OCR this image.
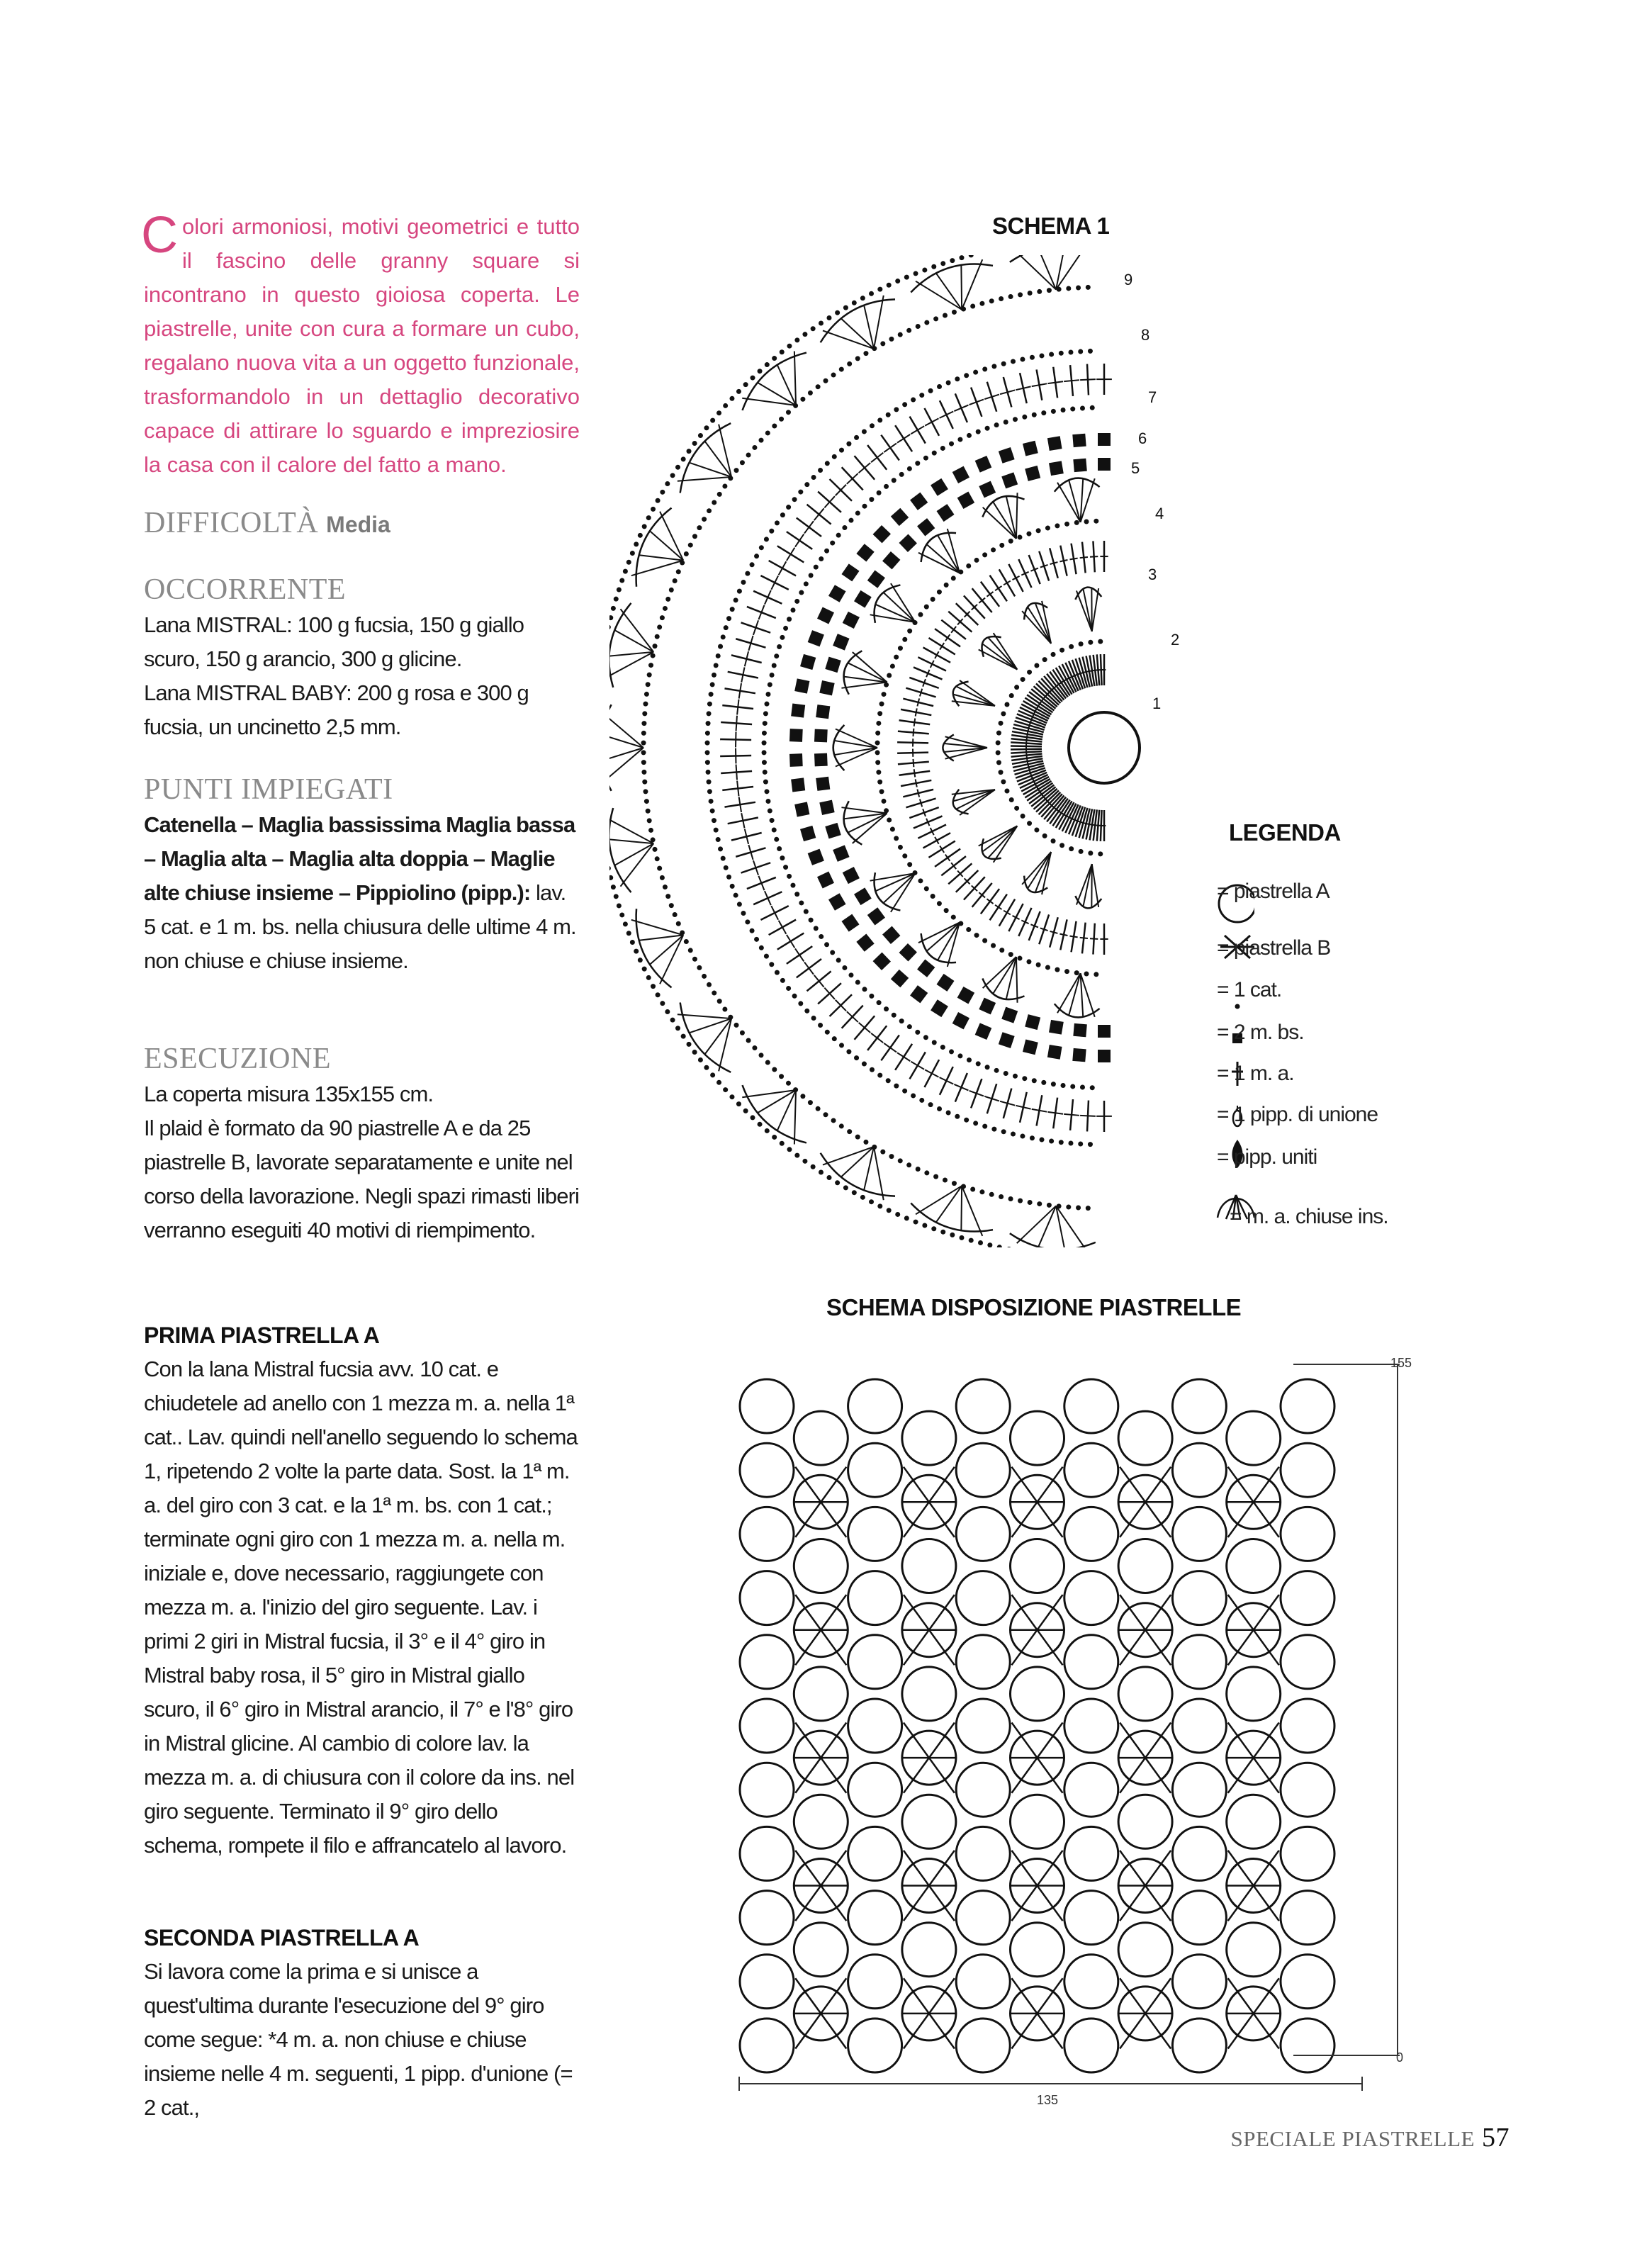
C olori armoniosi, motivi geometrici e tutto il fascino delle granny square si incontrano in questo gioiosa coperta. Le piastrelle, unite con cura a formare un cubo, regalano nuova vita a un oggetto funzionale, trasformandolo in un dettaglio decorativo capace di attirare lo sguardo e impreziosire la casa con il calore del fatto a mano.
DIFFICOLTÀ Media
OCCORRENTE

Lana MISTRAL: 100 g fucsia, 150 g giallo scuro, 150 g arancio, 300 g glicine.

Lana MISTRAL BABY: 200 g rosa e 300 g fucsia, un uncinetto 2,5 mm.

PUNTI IMPIEGATI

Catenella – Maglia bassissima Maglia bassa – Maglia alta – Maglia alta doppia – Maglie alte chiuse insieme – Pippiolino (pipp.): lav. 5 cat. e 1 m. bs. nella chiusura delle ultime 4 m. non chiuse e chiuse insieme.

ESECUZIONE

La coperta misura 135x155 cm.

Il plaid è formato da 90 piastrelle A e da 25 piastrelle B, lavorate separatamente e unite nel corso della lavorazione. Negli spazi rimasti liberi verranno eseguiti 40 motivi di riempimento.

PRIMA PIASTRELLA A

Con la lana Mistral fucsia avv. 10 cat. e chiudetele ad anello con 1 mezza m. a. nella 1ª cat.. Lav. quindi nell'anello seguendo lo schema 1, ripetendo 2 volte la parte data. Sost. la 1ª m. a. del giro con 3 cat. e la 1ª m. bs. con 1 cat.; terminate ogni giro con 1 mezza m. a. nella m. iniziale e, dove necessario, raggiungete con mezza m. a. l'inizio del giro seguente. Lav. i primi 2 giri in Mistral fucsia, il 3° e il 4° giro in Mistral baby rosa, il 5° giro in Mistral giallo scuro, il 6° giro in Mistral arancio, il 7° e l'8° giro in Mistral glicine. Al cambio di colore lav. la mezza m. a. di chiusura con il colore da ins. nel giro seguente. Terminato il 9° giro dello schema, rompete il filo e affrancatelo al lavoro.

SECONDA PIASTRELLA A

Si lavora come la prima e si unisce a quest'ultima durante l'esecuzione del 9° giro come segue: *4 m. a. non chiuse e chiuse insieme nelle 4 m. seguenti, 1 pipp. d'unione (= 2 cat.,

SCHEMA 1
9
8
7
6
5
4
3
2
1
LEGENDA
= piastrella A
= piastrella B
= 1 cat.
= 2 m. bs.
= 1 m. a.
= 1 pipp. di unione
= pipp. uniti
= m. a. chiuse ins.
SCHEMA DISPOSIZIONE PIASTRELLE
155
0
135
SPECIALE PIASTRELLE 57
